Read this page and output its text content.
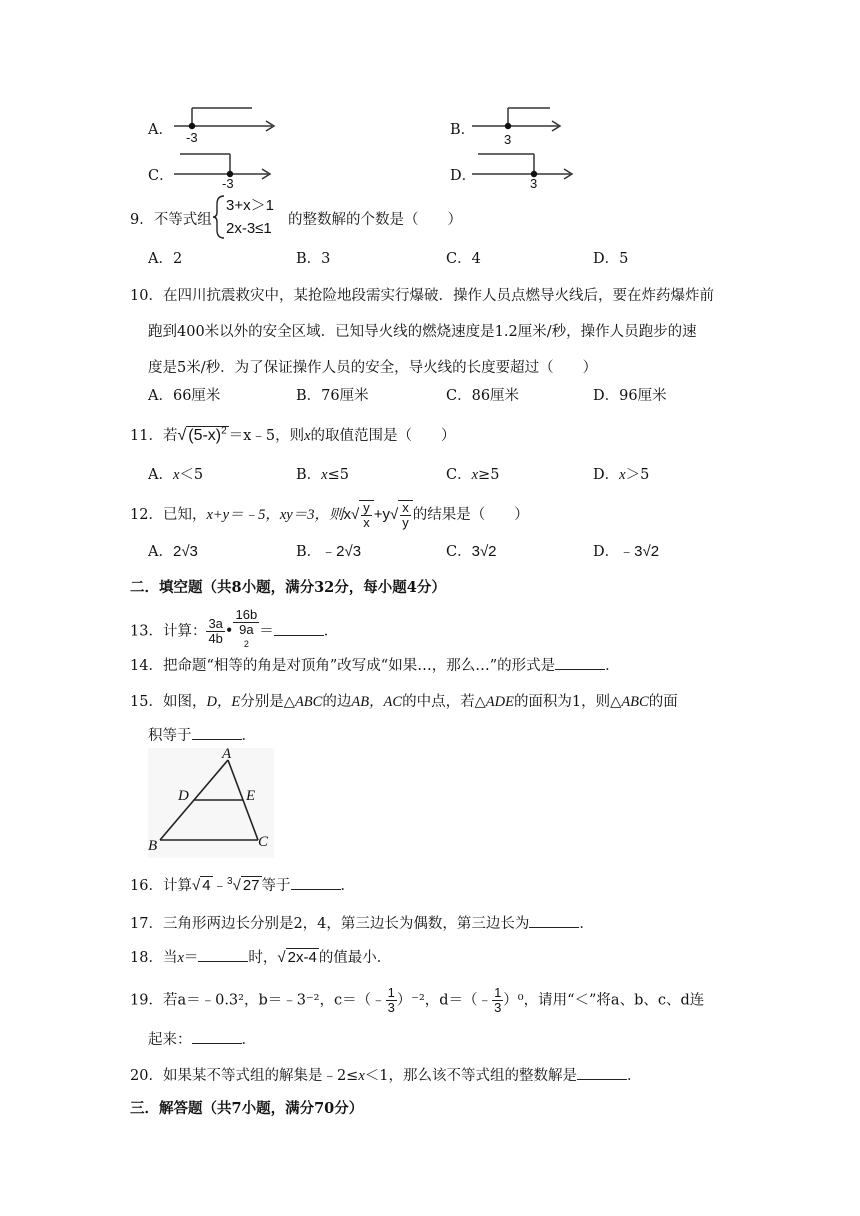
A． -3	B．
3
C．	-3	D．	3
9．不等式组
3+x＞1
2x-3≤1 的整数解的个数是（　　）
A．2	B．3	C．4	D．5
10．在四川抗震救灾中，某抢险地段需实行爆破．操作人员点燃导火线后，要在炸药爆炸前
跑到400米以外的安全区域．已知导火线的燃烧速度是1.2厘米/秒，操作人员跑步的速
度是5米/秒．为了保证操作人员的安全，导火线的长度要超过（　　）
A．66厘米	B．76厘米	C．86厘米	D．96厘米
11．若√ $(5-x)^2$ ＝x﹣5，则x的取值范围是（　　）
A．x＜5	B．x≤5	C．x≥5	D．x＞5
12．已知，x+y＝﹣5，xy＝3，则$x√ \frac{y}{x} +y√ \frac{x}{y}$ 的结果是（　　）
A．2√3	B．﹣2√3	C．3√2	D．﹣3√2
二．填空题（共8小题，满分32分，每小题4分）
13．计算： $\frac{3a}{4b}$ • 16b
9a
$^2$ ＝	．
14．把命题“相等的角是对顶角”改写成“如果…，那么…”的形式是	．
15．如图，D，E分别是△ABC的边AB，AC的中点，若△ADE的面积为1，则△ABC的面
积等于	．
A
D	E
B	C
16．计算√ 4 ﹣$^3$√ 27 等于	．
17．三角形两边长分别是2，4，第三边长为偶数，第三边长为	．
18．当x＝	时，√ 2x-4 的值最小．
19．若a＝﹣0.3²，b＝﹣3⁻²，c＝（﹣ $\frac{1}{3} )^{-2}$，d＝（﹣ $\frac{1}{3} )^0$，请用“＜”将a、b、c、d连
起来：	．
20．如果某不等式组的解集是﹣2≤x＜1，那么该不等式组的整数解是	．
三．解答题（共7小题，满分70分）
